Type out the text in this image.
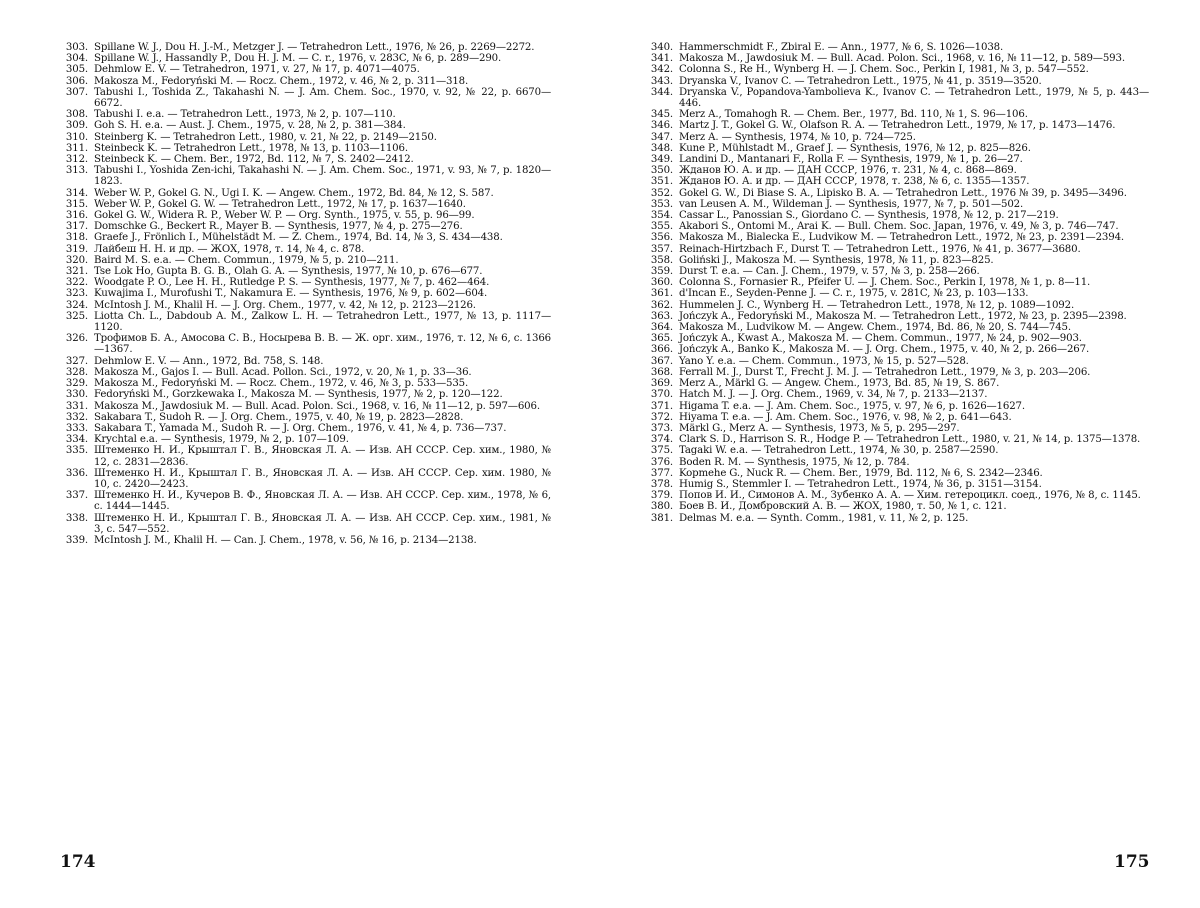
303. Spillane W. J., Dou H. J.-M., Metzger J. — Tetrahedron Lett., 1976, № 26, p. 2269—2272.
304. Spillane W. J., Hassandly P., Dou H. J. M. — C. r., 1976, v. 283C, № 6, p. 289—290.
305. Dehmlow E. V. — Tetrahedron, 1971, v. 27, № 17, p. 4071—4075.
306. Makosza M., Fedoryński M. — Rocz. Chem., 1972, v. 46, № 2, p. 311—318.
307. Tabushi I., Toshida Z., Takahashi N. — J. Am. Chem. Soc., 1970, v. 92, № 22, p. 6670—6672.
308. Tabushi I. e.a. — Tetrahedron Lett., 1973, № 2, p. 107—110.
309. Goh S. H. e.a. — Aust. J. Chem., 1975, v. 28, № 2, p. 381—384.
310. Steinberg K. — Tetrahedron Lett., 1980, v. 21, № 22, p. 2149—2150.
311. Steinbeck K. — Tetrahedron Lett., 1978, № 13, p. 1103—1106.
312. Steinbeck K. — Chem. Ber., 1972, Bd. 112, № 7, S. 2402—2412.
313. Tabushi I., Yoshida Zen-ichi, Takahashi N. — J. Am. Chem. Soc., 1971, v. 93, № 7, p. 1820—1823.
314. Weber W. P., Gokel G. N., Ugi I. K. — Angew. Chem., 1972, Bd. 84, № 12, S. 587.
315. Weber W. P., Gokel G. W. — Tetrahedron Lett., 1972, № 17, p. 1637—1640.
316. Gokel G. W., Widera R. P., Weber W. P. — Org. Synth., 1975, v. 55, p. 96—99.
317. Domschke G., Beckert R., Mayer B. — Synthesis, 1977, № 4, p. 275—276.
318. Graefe J., Frönlich I., Mühelstädt M. — Z. Chem., 1974, Bd. 14, № 3, S. 434—438.
319. Лайбеш Н. Н. и др. — ЖОХ, 1978, т. 14, № 4, с. 878.
320. Baird M. S. e.a. — Chem. Commun., 1979, № 5, p. 210—211.
321. Tse Lok Ho, Gupta B. G. B., Olah G. A. — Synthesis, 1977, № 10, p. 676—677.
322. Woodgate P. O., Lee H. H., Rutledge P. S. — Synthesis, 1977, № 7, p. 462—464.
323. Kuwajima I., Murofushi T., Nakamura E. — Synthesis, 1976, № 9, p. 602—604.
324. McIntosh J. M., Khalil H. — J. Org. Chem., 1977, v. 42, № 12, p. 2123—2126.
325. Liotta Ch. L., Dabdoub A. M., Zalkow L. H. — Tetrahedron Lett., 1977, № 13, p. 1117—1120.
326. Трофимов Б. А., Амосова С. В., Носырева В. В. — Ж. орг. хим., 1976, т. 12, № 6, с. 1366—1367.
327. Dehmlow E. V. — Ann., 1972, Bd. 758, S. 148.
328. Makosza M., Gajos I. — Bull. Acad. Pollon. Sci., 1972, v. 20, № 1, p. 33—36.
329. Makosza M., Fedoryński M. — Rocz. Chem., 1972, v. 46, № 3, p. 533—535.
330. Fedoryński M., Gorzkewaka I., Makosza M. — Synthesis, 1977, № 2, p. 120—122.
331. Makosza M., Jawdosiuk M. — Bull. Acad. Polon. Sci., 1968, v. 16, № 11—12, p. 597—606.
332. Sakabara T., Sudoh R. — J. Org. Chem., 1975, v. 40, № 19, p. 2823—2828.
333. Sakabara T., Yamada M., Sudoh R. — J. Org. Chem., 1976, v. 41, № 4, p. 736—737.
334. Krychtal e.a. — Synthesis, 1979, № 2, p. 107—109.
335. Штеменко Н. И., Крыштал Г. В., Яновская Л. А. — Изв. АН СССР. Сер. хим., 1980, № 12, с. 2831—2836.
336. Штеменко Н. И., Крыштал Г. В., Яновская Л. А. — Изв. АН СССР. Сер. хим. 1980, № 10, с. 2420—2423.
337. Штеменко Н. И., Кучеров В. Ф., Яновская Л. А. — Изв. АН СССР. Сер. хим., 1978, № 6, с. 1444—1445.
338. Штеменко Н. И., Крыштал Г. В., Яновская Л. А. — Изв. АН СССР. Сер. хим., 1981, № 3, с. 547—552.
339. McIntosh J. M., Khalil H. — Can. J. Chem., 1978, v. 56, № 16, p. 2134—2138.
340. Hammerschmidt F., Zbiral E. — Ann., 1977, № 6, S. 1026—1038.
341. Makosza M., Jawdosiuk M. — Bull. Acad. Polon. Sci., 1968, v. 16, № 11—12, p. 589—593.
342. Colonna S., Re H., Wynberg H. — J. Chem. Soc., Perkin I, 1981, № 3, p. 547—552.
343. Dryanska V., Ivanov C. — Tetrahedron Lett., 1975, № 41, p. 3519—3520.
344. Dryanska V., Popandova-Yambolieva K., Ivanov C. — Tetrahedron Lett., 1979, № 5, p. 443—446.
345. Merz A., Tomahogh R. — Chem. Ber., 1977, Bd. 110, № 1, S. 96—106.
346. Martz J. T., Gokel G. W., Olafson R. A. — Tetrahedron Lett., 1979, № 17, p. 1473—1476.
347. Merz A. — Synthesis, 1974, № 10, p. 724—725.
348. Kune P., Mühlstadt M., Graef J. — Synthesis, 1976, № 12, p. 825—826.
349. Landini D., Mantanari F., Rolla F. — Synthesis, 1979, № 1, p. 26—27.
350. Жданов Ю. А. и др. — ДАН СССР, 1976, т. 231, № 4, с. 868—869.
351. Жданов Ю. А. и др. — ДАН СССР, 1978, т. 238, № 6, с. 1355—1357.
352. Gokel G. W., Di Biase S. A., Lipisko B. A. — Tetrahedron Lett., 1976 № 39, p. 3495—3496.
353. van Leusen A. M., Wildeman J. — Synthesis, 1977, № 7, p. 501—502.
354. Cassar L., Panossian S., Giordano C. — Synthesis, 1978, № 12, p. 217—219.
355. Akabori S., Ontomi M., Arai K. — Bull. Chem. Soc. Japan, 1976, v. 49, № 3, p. 746—747.
356. Makosza M., Bialecka E., Ludvikow M. — Tetrahedron Lett., 1972, № 23, p. 2391—2394.
357. Reinach-Hirtzbach F., Durst T. — Tetrahedron Lett., 1976, № 41, p. 3677—3680.
358. Goliński J., Makosza M. — Synthesis, 1978, № 11, p. 823—825.
359. Durst T. e.a. — Can. J. Chem., 1979, v. 57, № 3, p. 258—266.
360. Colonna S., Fornasier R., Pfeifer U. — J. Chem. Soc., Perkin I, 1978, № 1, p. 8—11.
361. d'Incan E., Seyden-Penne J. — C. r., 1975, v. 281C, № 23, p. 103—133.
362. Hummelen J. C., Wynberg H. — Tetrahedron Lett., 1978, № 12, p. 1089—1092.
363. Jończyk A., Fedoryński M., Makosza M. — Tetrahedron Lett., 1972, № 23, p. 2395—2398.
364. Makosza M., Ludvikow M. — Angew. Chem., 1974, Bd. 86, № 20, S. 744—745.
365. Jończyk A., Kwast A., Makosza M. — Chem. Commun., 1977, № 24, p. 902—903.
366. Jończyk A., Banko K., Makosza M. — J. Org. Chem., 1975, v. 40, № 2, p. 266—267.
367. Yano Y. e.a. — Chem. Commun., 1973, № 15, p. 527—528.
368. Ferrall M. J., Durst T., Frecht J. M. J. — Tetrahedron Lett., 1979, № 3, p. 203—206.
369. Merz A., Märkl G. — Angew. Chem., 1973, Bd. 85, № 19, S. 867.
370. Hatch M. J. — J. Org. Chem., 1969, v. 34, № 7, p. 2133—2137.
371. Higama T. e.a. — J. Am. Chem. Soc., 1975, v. 97, № 6, p. 1626—1627.
372. Hiyama T. e.a. — J. Am. Chem. Soc., 1976, v. 98, № 2, p. 641—643.
373. Märkl G., Merz A. — Synthesis, 1973, № 5, p. 295—297.
374. Clark S. D., Harrison S. R., Hodge P. — Tetrahedron Lett., 1980, v. 21, № 14, p. 1375—1378.
375. Tagaki W. e.a. — Tetrahedron Lett., 1974, № 30, p. 2587—2590.
376. Boden R. M. — Synthesis, 1975, № 12, p. 784.
377. Kopmehe G., Nuck R. — Chem. Ber., 1979, Bd. 112, № 6, S. 2342—2346.
378. Humig S., Stemmler I. — Tetrahedron Lett., 1974, № 36, p. 3151—3154.
379. Попов И. И., Симонов А. М., Зубенко А. А. — Хим. гетероцикл. соед., 1976, № 8, с. 1145.
380. Боев В. И., Домбровский А. В. — ЖОХ, 1980, т. 50, № 1, с. 121.
381. Delmas M. e.a. — Synth. Comm., 1981, v. 11, № 2, p. 125.
174	175
